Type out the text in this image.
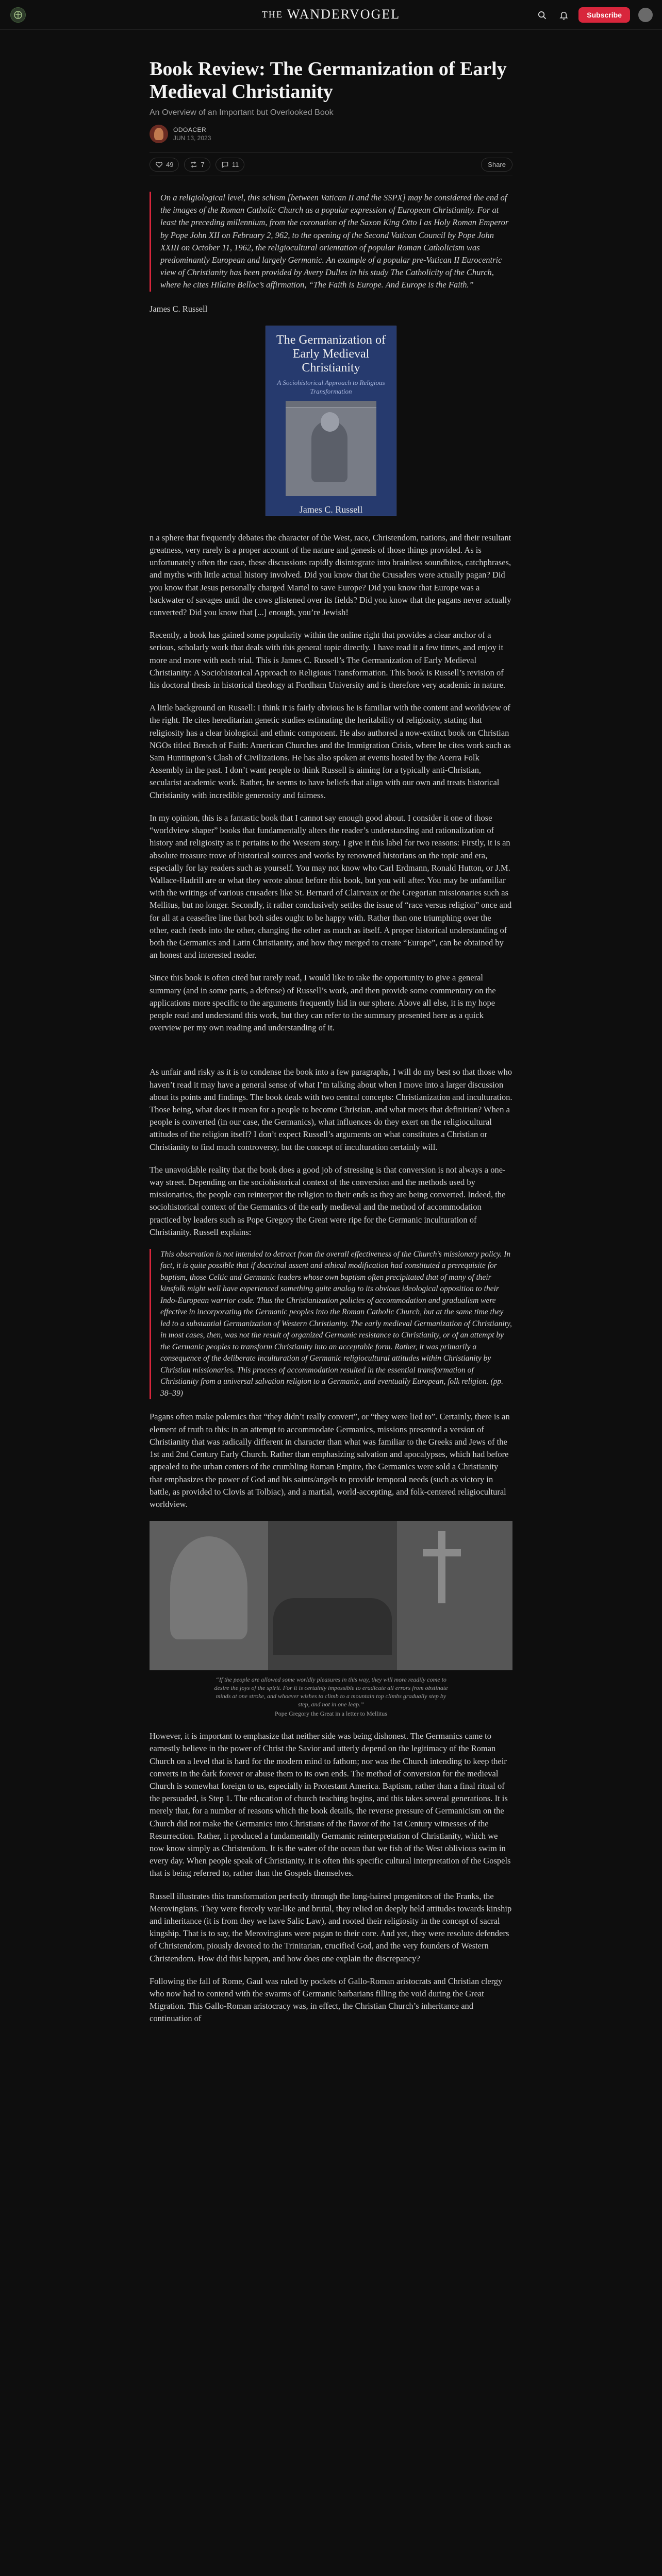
THE WANDERVOGEL	Subscribe
Book Review: The Germanization of Early Medieval Christianity
An Overview of an Important but Overlooked Book
ODOACER
JUN 13, 2023
49	7	11	Share

On a religiological level, this schism [between Vatican II and the SSPX] may be considered the end of the images of the Roman Catholic Church as a popular expression of European Christianity. For at least the preceding millennium, from the coronation of the Saxon King Otto I as Holy Roman Emperor by Pope John XII on February 2, 962, to the opening of the Second Vatican Council by Pope John XXIII on October 11, 1962, the religiocultural orientation of popular Roman Catholicism was predominantly European and largely Germanic. An example of a popular pre-Vatican II Eurocentric view of Christianity has been provided by Avery Dulles in his study The Catholicity of the Church, where he cites Hilaire Belloc’s affirmation, “The Faith is Europe. And Europe is the Faith.”

James C. Russell

The Germanization of Early Medieval Christianity
A Sociohistorical Approach to Religious Transformation
James C. Russell

n a sphere that frequently debates the character of the West, race, Christendom, nations, and their resultant greatness, very rarely is a proper account of the nature and genesis of those things provided. As is unfortunately often the case, these discussions rapidly disintegrate into brainless soundbites, catchphrases, and myths with little actual history involved. Did you know that the Crusaders were actually pagan? Did you know that Jesus personally charged Martel to save Europe? Did you know that Europe was a backwater of savages until the cows glistened over its fields? Did you know that the pagans never actually converted? Did you know that [...] enough, you’re Jewish!

Recently, a book has gained some popularity within the online right that provides a clear anchor of a serious, scholarly work that deals with this general topic directly. I have read it a few times, and enjoy it more and more with each trial. This is James C. Russell’s The Germanization of Early Medieval Christianity: A Sociohistorical Approach to Religious Transformation. This book is Russell’s revision of his doctoral thesis in historical theology at Fordham University and is therefore very academic in nature.

A little background on Russell: I think it is fairly obvious he is familiar with the content and worldview of the right. He cites hereditarian genetic studies estimating the heritability of religiosity, stating that religiosity has a clear biological and ethnic component. He also authored a now-extinct book on Christian NGOs titled Breach of Faith: American Churches and the Immigration Crisis, where he cites work such as Sam Huntington’s Clash of Civilizations. He has also spoken at events hosted by the Acerra Folk Assembly in the past. I don’t want people to think Russell is aiming for a typically anti-Christian, secularist academic work. Rather, he seems to have beliefs that align with our own and treats historical Christianity with incredible generosity and fairness.

In my opinion, this is a fantastic book that I cannot say enough good about. I consider it one of those “worldview shaper” books that fundamentally alters the reader’s understanding and rationalization of history and religiosity as it pertains to the Western story. I give it this label for two reasons: Firstly, it is an absolute treasure trove of historical sources and works by renowned historians on the topic and era, especially for lay readers such as yourself. You may not know who Carl Erdmann, Ronald Hutton, or J.M. Wallace-Hadrill are or what they wrote about before this book, but you will after. You may be unfamiliar with the writings of various crusaders like St. Bernard of Clairvaux or the Gregorian missionaries such as Mellitus, but no longer. Secondly, it rather conclusively settles the issue of “race versus religion” once and for all at a ceasefire line that both sides ought to be happy with. Rather than one triumphing over the other, each feeds into the other, changing the other as much as itself. A proper historical understanding of both the Germanics and Latin Christianity, and how they merged to create “Europe”, can be obtained by an honest and interested reader.

Since this book is often cited but rarely read, I would like to take the opportunity to give a general summary (and in some parts, a defense) of Russell’s work, and then provide some commentary on the applications more specific to the arguments frequently hid in our sphere. Above all else, it is my hope people read and understand this work, but they can refer to the summary presented here as a quick overview per my own reading and understanding of it.

As unfair and risky as it is to condense the book into a few paragraphs, I will do my best so that those who haven’t read it may have a general sense of what I’m talking about when I move into a larger discussion about its points and findings. The book deals with two central concepts: Christianization and inculturation. Those being, what does it mean for a people to become Christian, and what meets that definition? When a people is converted (in our case, the Germanics), what influences do they exert on the religiocultural attitudes of the religion itself? I don’t expect Russell’s arguments on what constitutes a Christian or Christianity to find much controversy, but the concept of inculturation certainly will.

The unavoidable reality that the book does a good job of stressing is that conversion is not always a one-way street. Depending on the sociohistorical context of the conversion and the methods used by missionaries, the people can reinterpret the religion to their ends as they are being converted. Indeed, the sociohistorical context of the Germanics of the early medieval and the method of accommodation practiced by leaders such as Pope Gregory the Great were ripe for the Germanic inculturation of Christianity. Russell explains:

This observation is not intended to detract from the overall effectiveness of the Church’s missionary policy. In fact, it is quite possible that if doctrinal assent and ethical modification had constituted a prerequisite for baptism, those Celtic and Germanic leaders whose own baptism often precipitated that of many of their kinsfolk might well have experienced something quite analog to its obvious ideological opposition to their Indo-European warrior code. Thus the Christianization policies of accommodation and gradualism were effective in incorporating the Germanic peoples into the Roman Catholic Church, but at the same time they led to a substantial Germanization of Western Christianity. The early medieval Germanization of Christianity, in most cases, then, was not the result of organized Germanic resistance to Christianity, or of an attempt by the Germanic peoples to transform Christianity into an acceptable form. Rather, it was primarily a consequence of the deliberate inculturation of Germanic religiocultural attitudes within Christianity by Christian missionaries. This process of accommodation resulted in the essential transformation of Christianity from a universal salvation religion to a Germanic, and eventually European, folk religion. (pp. 38–39)

Pagans often make polemics that “they didn’t really convert”, or “they were lied to”. Certainly, there is an element of truth to this: in an attempt to accommodate Germanics, missions presented a version of Christianity that was radically different in character than what was familiar to the Greeks and Jews of the 1st and 2nd Century Early Church. Rather than emphasizing salvation and apocalypses, which had before appealed to the urban centers of the crumbling Roman Empire, the Germanics were sold a Christianity that emphasizes the power of God and his saints/angels to provide temporal needs (such as victory in battle, as provided to Clovis at Tolbiac), and a martial, world-accepting, and folk-centered religiocultural worldview.

“If the people are allowed some worldly pleasures in this way, they will more readily come to desire the joys of the spirit. For it is certainly impossible to eradicate all errors from obstinate minds at one stroke, and whoever wishes to climb to a mountain top climbs gradually step by step, and not in one leap.”
Pope Gregory the Great in a letter to Mellitus

However, it is important to emphasize that neither side was being dishonest. The Germanics came to earnestly believe in the power of Christ the Savior and utterly depend on the legitimacy of the Roman Church on a level that is hard for the modern mind to fathom; nor was the Church intending to keep their converts in the dark forever or abuse them to its own ends. The method of conversion for the medieval Church is somewhat foreign to us, especially in Protestant America. Baptism, rather than a final ritual of the persuaded, is Step 1. The education of church teaching begins, and this takes several generations. It is merely that, for a number of reasons which the book details, the reverse pressure of Germanicism on the Church did not make the Germanics into Christians of the flavor of the 1st Century witnesses of the Resurrection. Rather, it produced a fundamentally Germanic reinterpretation of Christianity, which we now know simply as Christendom. It is the water of the ocean that we fish of the West oblivious swim in every day. When people speak of Christianity, it is often this specific cultural interpretation of the Gospels that is being referred to, rather than the Gospels themselves.

Russell illustrates this transformation perfectly through the long-haired progenitors of the Franks, the Merovingians. They were fiercely war-like and brutal, they relied on deeply held attitudes towards kinship and inheritance (it is from they we have Salic Law), and rooted their religiosity in the concept of sacral kingship. That is to say, the Merovingians were pagan to their core. And yet, they were resolute defenders of Christendom, piously devoted to the Trinitarian, crucified God, and the very founders of Western Christendom. How did this happen, and how does one explain the discrepancy?

Following the fall of Rome, Gaul was ruled by pockets of Gallo-Roman aristocrats and Christian clergy who now had to contend with the swarms of Germanic barbarians filling the void during the Great Migration. This Gallo-Roman aristocracy was, in effect, the Christian Church’s inheritance and continuation of
